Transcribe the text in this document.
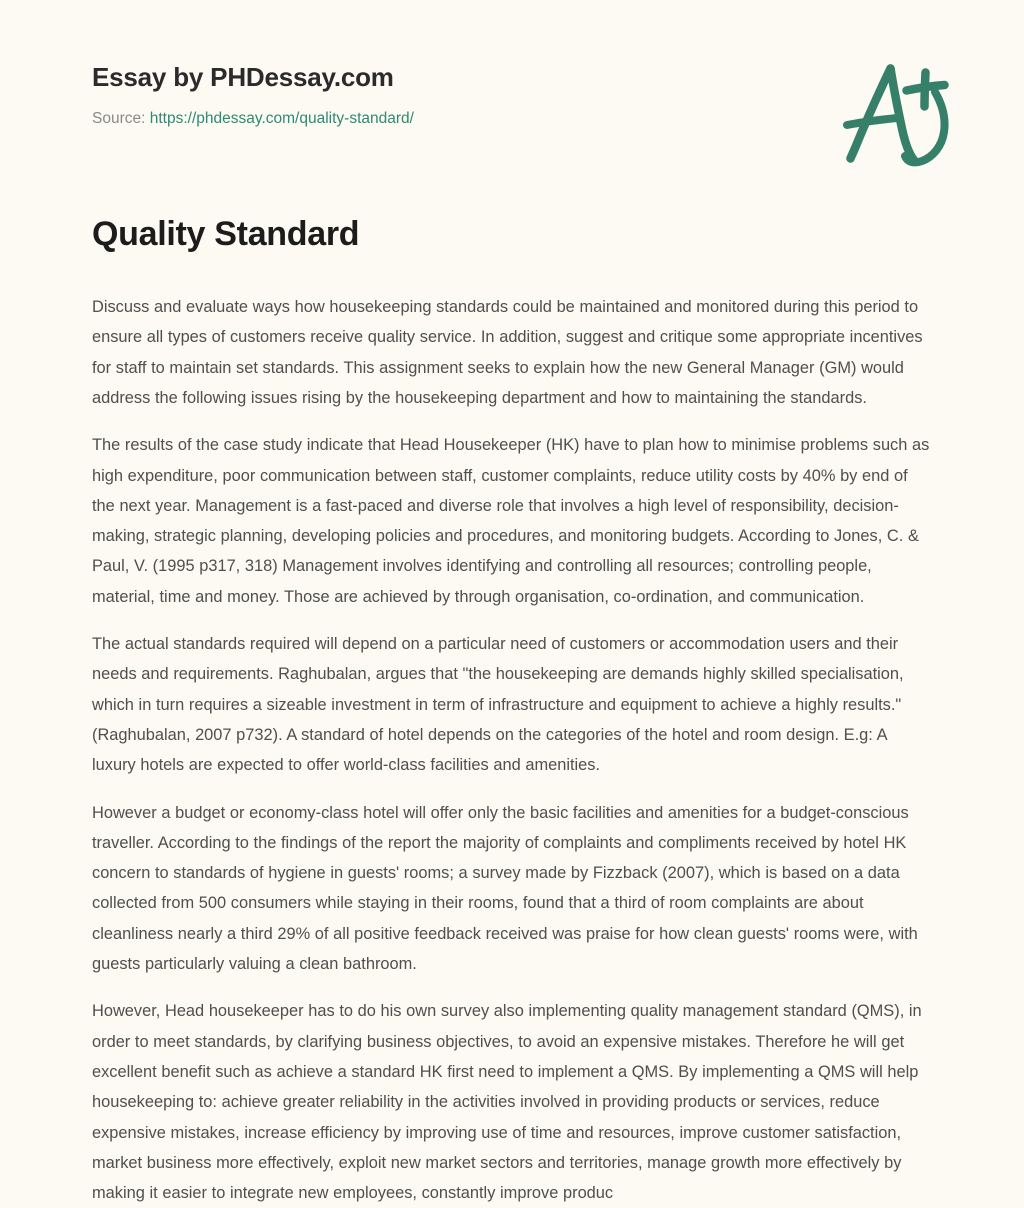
Essay by PHDessay.com
Source: https://phdessay.com/quality-standard/
Quality Standard

Discuss and evaluate ways how housekeeping standards could be maintained and monitored during this period to ensure all types of customers receive quality service. In addition, suggest and critique some appropriate incentives for staff to maintain set standards. This assignment seeks to explain how the new General Manager (GM) would address the following issues rising by the housekeeping department and how to maintaining the standards.

The results of the case study indicate that Head Housekeeper (HK) have to plan how to minimise problems such as high expenditure, poor communication between staff, customer complaints, reduce utility costs by 40% by end of the next year. Management is a fast-paced and diverse role that involves a high level of responsibility, decision-making, strategic planning, developing policies and procedures, and monitoring budgets. According to Jones, C. & Paul, V. (1995 p317, 318) Management involves identifying and controlling all resources; controlling people, material, time and money. Those are achieved by through organisation, co-ordination, and communication.

The actual standards required will depend on a particular need of customers or accommodation users and their needs and requirements. Raghubalan, argues that "the housekeeping are demands highly skilled specialisation, which in turn requires a sizeable investment in term of infrastructure and equipment to achieve a highly results." (Raghubalan, 2007 p732). A standard of hotel depends on the categories of the hotel and room design. E.g: A luxury hotels are expected to offer world-class facilities and amenities.

However a budget or economy-class hotel will offer only the basic facilities and amenities for a budget-conscious traveller. According to the findings of the report the majority of complaints and compliments received by hotel HK concern to standards of hygiene in guests' rooms; a survey made by Fizzback (2007), which is based on a data collected from 500 consumers while staying in their rooms, found that a third of room complaints are about cleanliness nearly a third 29% of all positive feedback received was praise for how clean guests' rooms were, with guests particularly valuing a clean bathroom.

However, Head housekeeper has to do his own survey also implementing quality management standard (QMS), in order to meet standards, by clarifying business objectives, to avoid an expensive mistakes. Therefore he will get excellent benefit such as achieve a standard HK first need to implement a QMS. By implementing a QMS will help housekeeping to: achieve greater reliability in the activities involved in providing products or services, reduce expensive mistakes, increase efficiency by improving use of time and resources, improve customer satisfaction, market business more effectively, exploit new market sectors and territories, manage growth more effectively by making it easier to integrate new employees, constantly improve produc
